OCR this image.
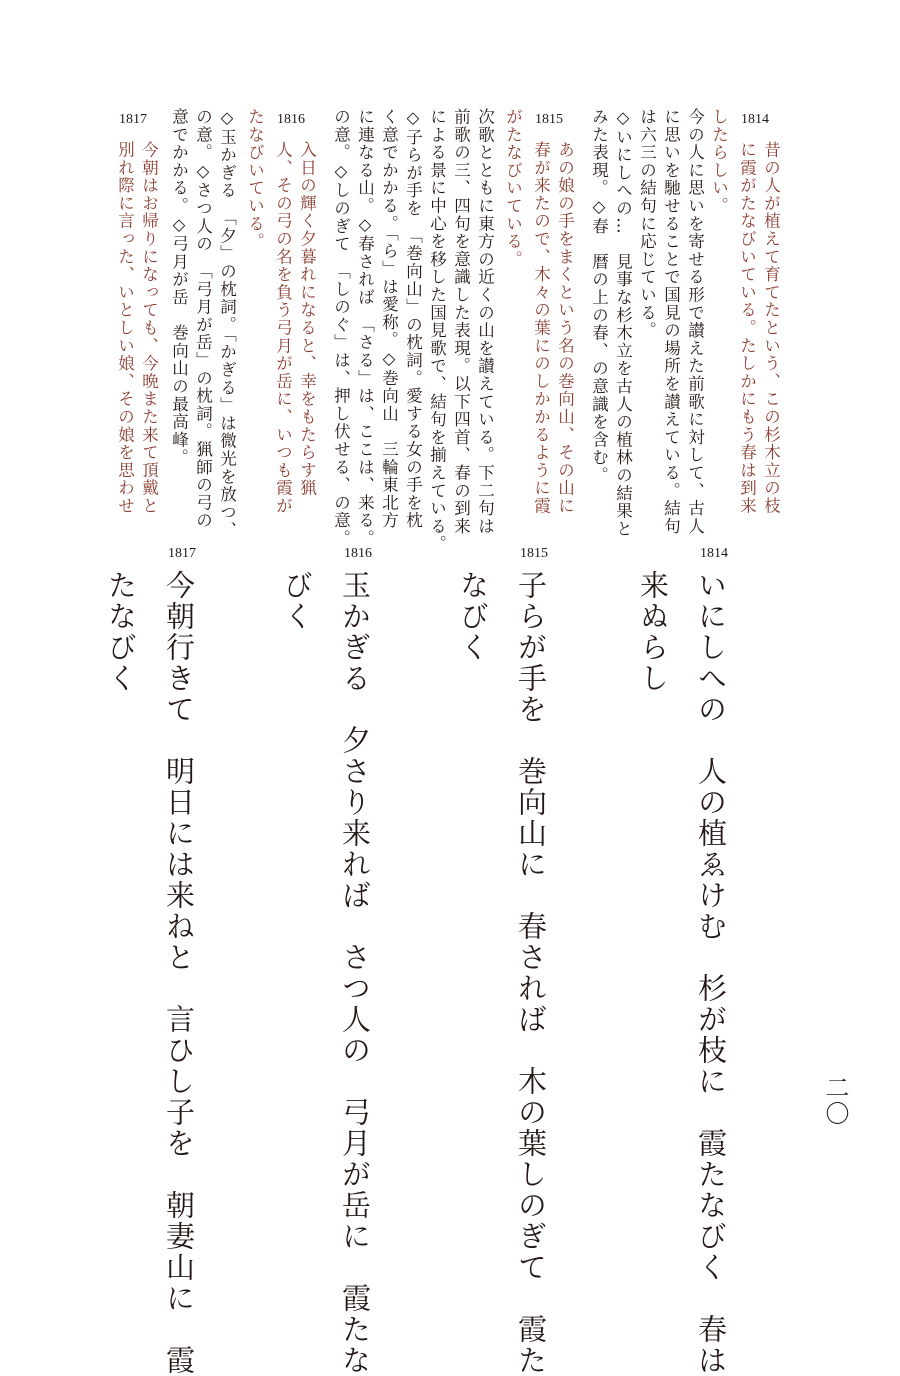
二〇
1814
昔の人が植えて育てたという、この杉木立の枝
に霞がたなびいている。たしかにもう春は到来
したらしい。
今の人に思いを寄せる形で讃えた前歌に対して、古人
に思いを馳せることで国見の場所を讃えている。結句
は六三の結句に応じている。
◇いにしへの…　見事な杉木立を古人の植林の結果と
みた表現。◇春　暦の上の春、の意識を含む。
1815
あの娘の手をまくという名の巻向山、その山に
春が来たので、木々の葉にのしかかるように霞
がたなびいている。
次歌とともに東方の近くの山を讃えている。下二句は
前歌の三、四句を意識した表現。以下四首、春の到来
による景に中心を移した国見歌で、結句を揃えている。
◇子らが手を　「巻向山」の枕詞。愛する女の手を枕
く意でかかる。「ら」は愛称。◇巻向山　三輪東北方
に連なる山。◇春されば　「さる」は、ここは、来る。
の意。◇しのぎて　「しのぐ」は、押し伏せる、の意。
1816
入日の輝く夕暮れになると、幸をもたらす猟
人、その弓の名を負う弓月が岳に、いつも霞が
たなびいている。
◇玉かぎる　「夕」の枕詞。「かぎる」は微光を放つ、
の意。◇さつ人の　「弓月が岳」の枕詞。猟師の弓の
意でかかる。◇弓月が岳　巻向山の最高峰。
1817
今朝はお帰りになっても、今晩また来て頂戴と
別れ際に言った、いとしい娘、その娘を思わせ
1814
いにしへの　人の植ゑけむ　杉が枝に　霞たなびく　春は
来ぬらし
1815
子らが手を　巻向山に　春されば　木の葉しのぎて　霞た
なびく
1816
玉かぎる　夕さり来れば　さつ人の　弓月が岳に　霞たな
びく
1817
今朝行きて　明日には来ねと　言ひし子を　朝妻山に　霞
たなびく
